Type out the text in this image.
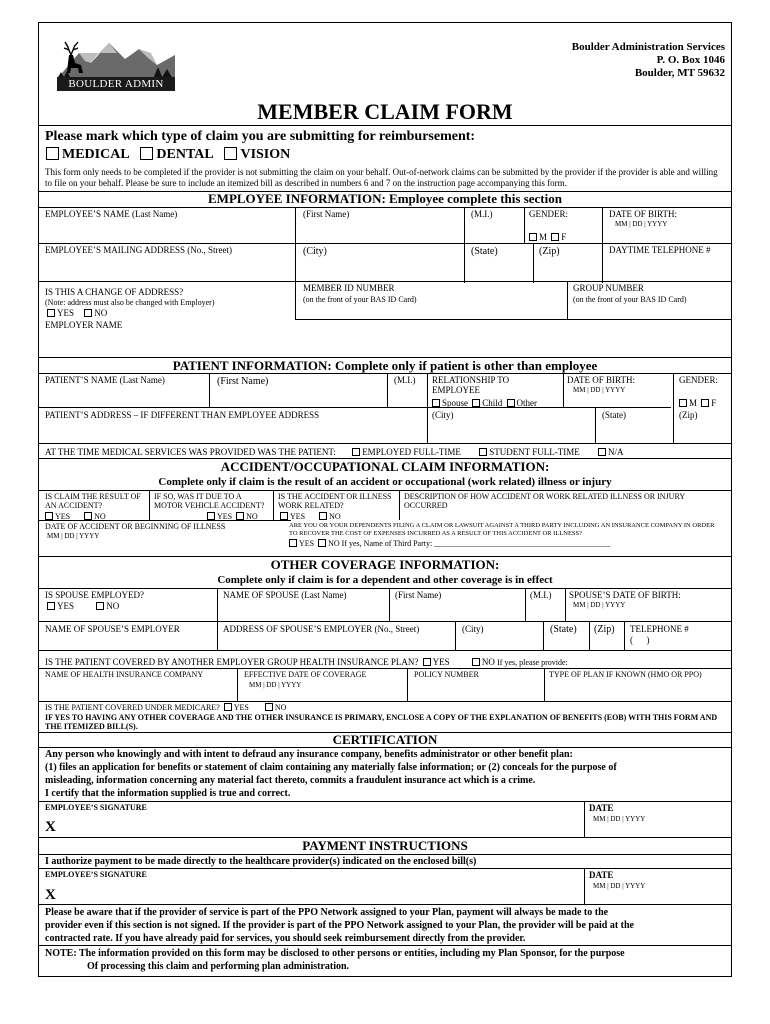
BOULDER ADMIN
Boulder Administration Services
P. O. Box 1046
Boulder, MT 59632
MEMBER CLAIM FORM
Please mark which type of claim you are submitting for reimbursement:
MEDICAL DENTAL VISION
This form only needs to be completed if the provider is not submitting the claim on your behalf. Out-of-network claims can be submitted by the provider if the provider is able and willing to file on your behalf. Please be sure to include an itemized bill as described in numbers 6 and 7 on the instruction page accompanying this form.
EMPLOYEE INFORMATION: Employee complete this section
EMPLOYEE’S NAME (Last Name)	(First Name)	(M.I.)	GENDER:
M F
DATE OF BIRTH:
MM | DD | YYYY
EMPLOYEE’S MAILING ADDRESS (No., Street)	(City)	(State)	(Zip)	DAYTIME TELEPHONE #
IS THIS A CHANGE OF ADDRESS?
(Note: address must also be changed with Employer)
YES NO
EMPLOYER NAME
MEMBER ID NUMBER
(on the front of your BAS ID Card)
GROUP NUMBER
(on the front of your BAS ID Card)
PATIENT INFORMATION: Complete only if patient is other than employee
PATIENT’S NAME (Last Name)	(First Name)	(M.I.) RELATIONSHIP TO EMPLOYEE
Spouse Child Other
DATE OF BIRTH:
MM | DD | YYYY
GENDER:
M F
PATIENT’S ADDRESS – IF DIFFERENT THAN EMPLOYEE ADDRESS	(City)	(State)	(Zip)
AT THE TIME MEDICAL SERVICES WAS PROVIDED WAS THE PATIENT:	EMPLOYED FULL-TIME	STUDENT FULL-TIME	N/A
ACCIDENT/OCCUPATIONAL CLAIM INFORMATION:
Complete only if claim is the result of an accident or occupational (work related) illness or injury
IS CLAIM THE RESULT OF AN ACCIDENT?
YES	NO
IF SO, WAS IT DUE TO A MOTOR VEHICLE ACCIDENT?
YES NO
IS THE ACCIDENT OR ILLNESS WORK RELATED?
YES	NO
DESCRIPTION OF HOW ACCIDENT OR WORK RELATED ILLNESS OR INJURY OCCURRED
DATE OF ACCIDENT OR BEGINNING OF ILLNESS
MM | DD | YYYY
ARE YOU OR YOUR DEPENDENTS FILING A CLAIM OR LAWSUIT AGAINST A THIRD PARTY INCLUDING AN INSURANCE COMPANY IN ORDER TO RECOVER THE COST OF EXPENSES INCURRED AS A RESULT OF THIS ACCIDENT OR ILLNESS?
YES NO If yes, Name of Third Party: ____________________________________________
OTHER COVERAGE INFORMATION:
Complete only if claim is for a dependent and other coverage is in effect
IS SPOUSE EMPLOYED?
YES	NO
NAME OF SPOUSE (Last Name)	(First Name)	(M.I.) SPOUSE’S DATE OF BIRTH:
MM | DD | YYYY
NAME OF SPOUSE’S EMPLOYER	ADDRESS OF SPOUSE’S EMPLOYER (No., Street)	(City)	(State) (Zip) TELEPHONE #
(      )
IS THE PATIENT COVERED BY ANOTHER EMPLOYER GROUP HEALTH INSURANCE PLAN? YES	NO If yes, please provide:
NAME OF HEALTH INSURANCE COMPANY	EFFECTIVE DATE OF COVERAGE
MM | DD | YYYY
POLICY NUMBER	TYPE OF PLAN IF KNOWN (HMO OR PPO)
IS THE PATIENT COVERED UNDER MEDICARE? YES	NO
IF YES TO HAVING ANY OTHER COVERAGE AND THE OTHER INSURANCE IS PRIMARY, ENCLOSE A COPY OF THE EXPLANATION OF BENEFITS (EOB) WITH THIS FORM AND THE ITEMIZED BILL(S).
CERTIFICATION
Any person who knowingly and with intent to defraud any insurance company, benefits administrator or other benefit plan:
(1) files an application for benefits or statement of claim containing any materially false information; or (2) conceals for the purpose of
misleading, information concerning any material fact thereto, commits a fraudulent insurance act which is a crime.
I certify that the information supplied is true and correct.
EMPLOYEE’S SIGNATURE
X
DATE
MM | DD | YYYY
PAYMENT INSTRUCTIONS
I authorize payment to be made directly to the healthcare provider(s) indicated on the enclosed bill(s)
EMPLOYEE’S SIGNATURE
X
DATE
MM | DD | YYYY
Please be aware that if the provider of service is part of the PPO Network assigned to your Plan, payment will always be made to the
provider even if this section is not signed. If the provider is part of the PPO Network assigned to your Plan, the provider will be paid at the
contracted rate. If you have already paid for services, you should seek reimbursement directly from the provider.
NOTE: The information provided on this form may be disclosed to other persons or entities, including my Plan Sponsor, for the purpose
Of processing this claim and performing plan administration.
